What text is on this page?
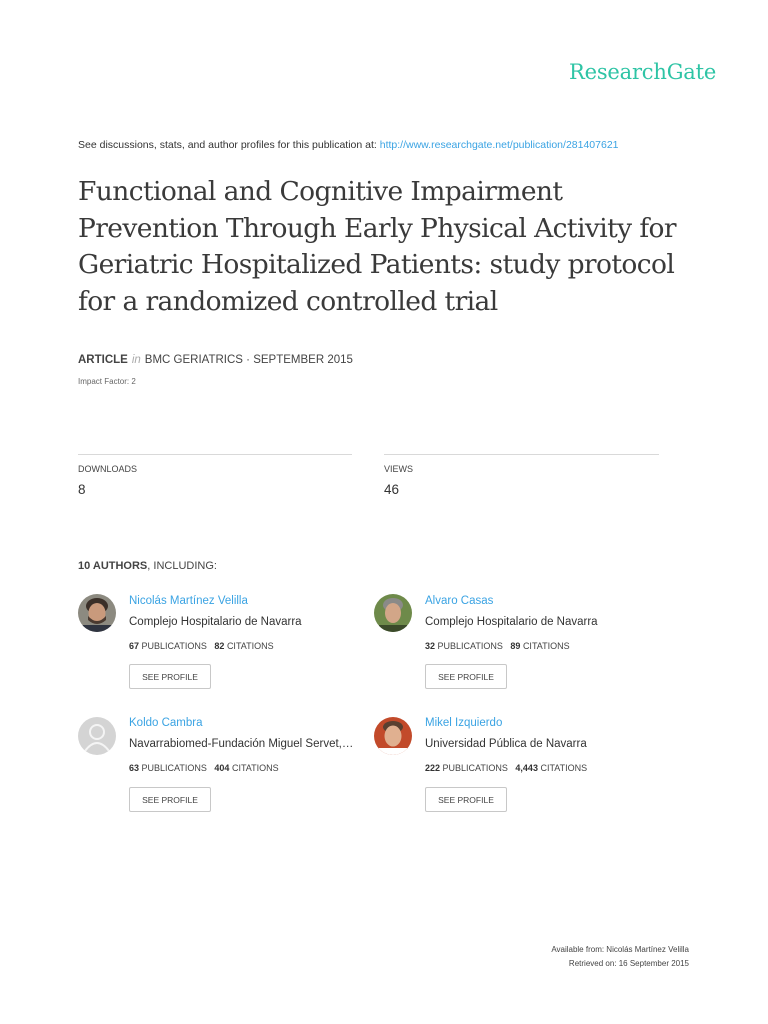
ResearchGate
See discussions, stats, and author profiles for this publication at: http://www.researchgate.net/publication/281407621
Functional and Cognitive Impairment Prevention Through Early Physical Activity for Geriatric Hospitalized Patients: study protocol for a randomized controlled trial
ARTICLE in BMC GERIATRICS · SEPTEMBER 2015
Impact Factor: 2
DOWNLOADS
8
VIEWS
46
10 AUTHORS, INCLUDING:
Nicolás Martínez Velilla
Complejo Hospitalario de Navarra
67 PUBLICATIONS 82 CITATIONS
SEE PROFILE
Alvaro Casas
Complejo Hospitalario de Navarra
32 PUBLICATIONS 89 CITATIONS
SEE PROFILE
Koldo Cambra
Navarrabiomed-Fundación Miguel Servet,…
63 PUBLICATIONS 404 CITATIONS
SEE PROFILE
Mikel Izquierdo
Universidad Pública de Navarra
222 PUBLICATIONS 4,443 CITATIONS
SEE PROFILE
Available from: Nicolás Martínez Velilla
Retrieved on: 16 September 2015
